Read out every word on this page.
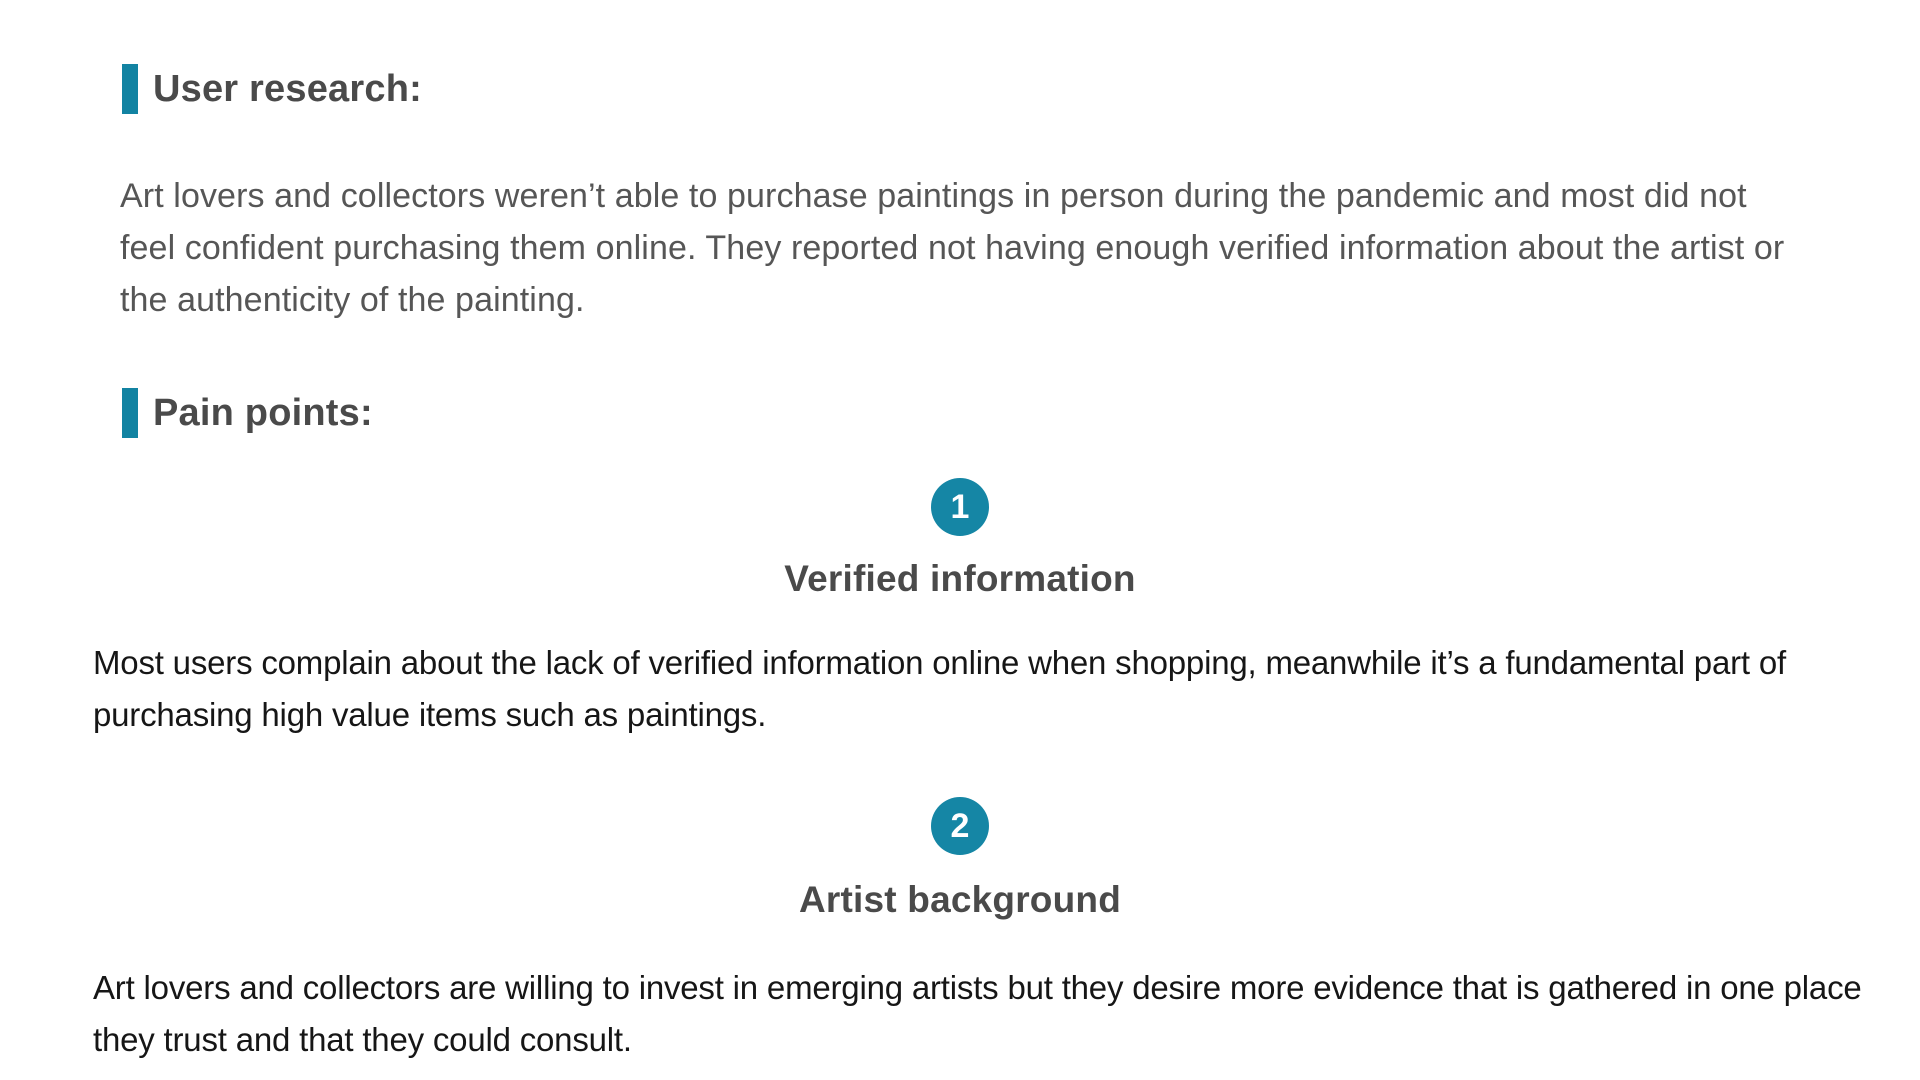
User research:

Art lovers and collectors weren’t able to purchase paintings in person during the pandemic and most did not feel confident purchasing them online. They reported not having enough verified information about the artist or the authenticity of the painting.

Pain points:
1
Verified information

Most users complain about the lack of verified information online when shopping, meanwhile it’s a fundamental part of purchasing high value items such as paintings.

2
Artist background

Art lovers and collectors are willing to invest in emerging artists but they desire more evidence that is gathered in one place they trust and that they could consult.
